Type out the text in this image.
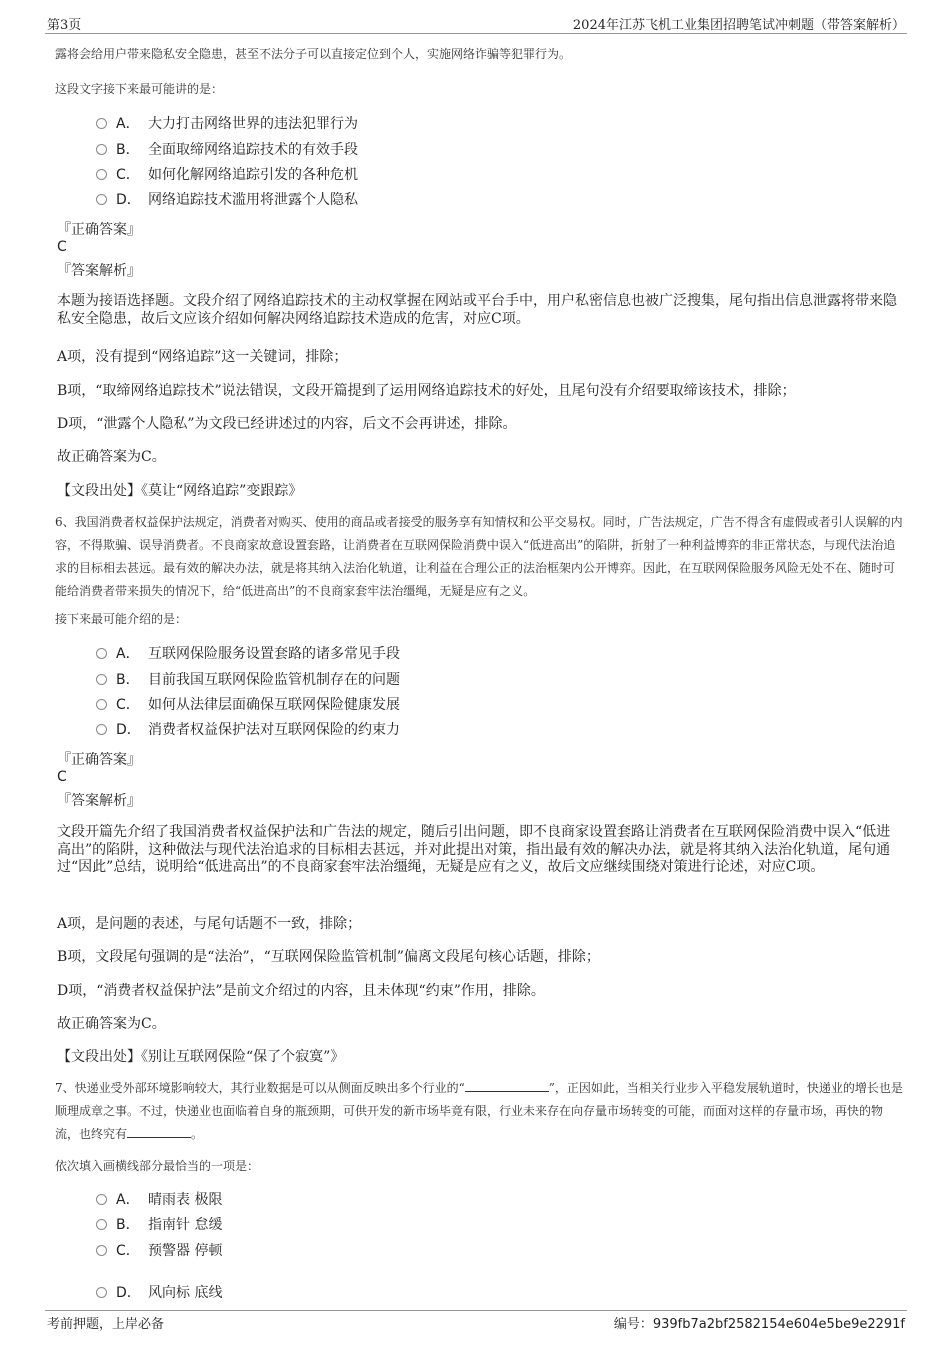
第3页	2024年江苏飞机工业集团招聘笔试冲刺题（带答案解析）
露将会给用户带来隐私安全隐患，甚至不法分子可以直接定位到个人，实施网络诈骗等犯罪行为。
这段文字接下来最可能讲的是：
A． 大力打击网络世界的违法犯罪行为
B． 全面取缔网络追踪技术的有效手段
C． 如何化解网络追踪引发的各种危机
D． 网络追踪技术滥用将泄露个人隐私
『正确答案』
C
『答案解析』
本题为接语选择题。文段介绍了网络追踪技术的主动权掌握在网站或平台手中，用户私密信息也被广泛搜集，尾句指出信息泄露将带来隐私安全隐患，故后文应该介绍如何解决网络追踪技术造成的危害，对应C项。
A项，没有提到“网络追踪”这一关键词，排除；
B项，“取缔网络追踪技术”说法错误，文段开篇提到了运用网络追踪技术的好处，且尾句没有介绍要取缔该技术，排除；
D项，“泄露个人隐私”为文段已经讲述过的内容，后文不会再讲述，排除。
故正确答案为C。
【文段出处】《莫让“网络追踪”变跟踪》
6、我国消费者权益保护法规定，消费者对购买、使用的商品或者接受的服务享有知情权和公平交易权。同时，广告法规定，广告不得含有虚假或者引人误解的内容，不得欺骗、误导消费者。不良商家故意设置套路，让消费者在互联网保险消费中误入“低进高出”的陷阱，折射了一种利益博弈的非正常状态，与现代法治追求的目标相去甚远。最有效的解决办法，就是将其纳入法治化轨道，让利益在合理公正的法治框架内公开博弈。因此，在互联网保险服务风险无处不在、随时可能给消费者带来损失的情况下，给“低进高出”的不良商家套牢法治缰绳，无疑是应有之义。
接下来最可能介绍的是：
A． 互联网保险服务设置套路的诸多常见手段
B． 目前我国互联网保险监管机制存在的问题
C． 如何从法律层面确保互联网保险健康发展
D． 消费者权益保护法对互联网保险的约束力
『正确答案』
C
『答案解析』
文段开篇先介绍了我国消费者权益保护法和广告法的规定，随后引出问题，即不良商家设置套路让消费者在互联网保险消费中误入“低进高出”的陷阱，这种做法与现代法治追求的目标相去甚远，并对此提出对策，指出最有效的解决办法，就是将其纳入法治化轨道，尾句通过“因此”总结，说明给“低进高出”的不良商家套牢法治缰绳，无疑是应有之义，故后文应继续围绕对策进行论述，对应C项。
A项，是问题的表述，与尾句话题不一致，排除；
B项，文段尾句强调的是“法治”，“互联网保险监管机制”偏离文段尾句核心话题，排除；
D项，“消费者权益保护法”是前文介绍过的内容，且未体现“约束”作用，排除。
故正确答案为C。
【文段出处】《别让互联网保险“保了个寂寞”》
7、快递业受外部环境影响较大，其行业数据是可以从侧面反映出多个行业的“	”，正因如此，当相关行业步入平稳发展轨道时，快递业的增长也是顺理成章之事。不过，快递业也面临着自身的瓶颈期，可供开发的新市场毕竟有限，行业未来存在向存量市场转变的可能，而面对这样的存量市场，再快的物流，也终究有	。
依次填入画横线部分最恰当的一项是：
A． 晴雨表 极限
B． 指南针 怠缓
C． 预警器 停顿
D． 风向标 底线
考前押题，上岸必备	编号：939fb7a2bf2582154e604e5be9e2291f
